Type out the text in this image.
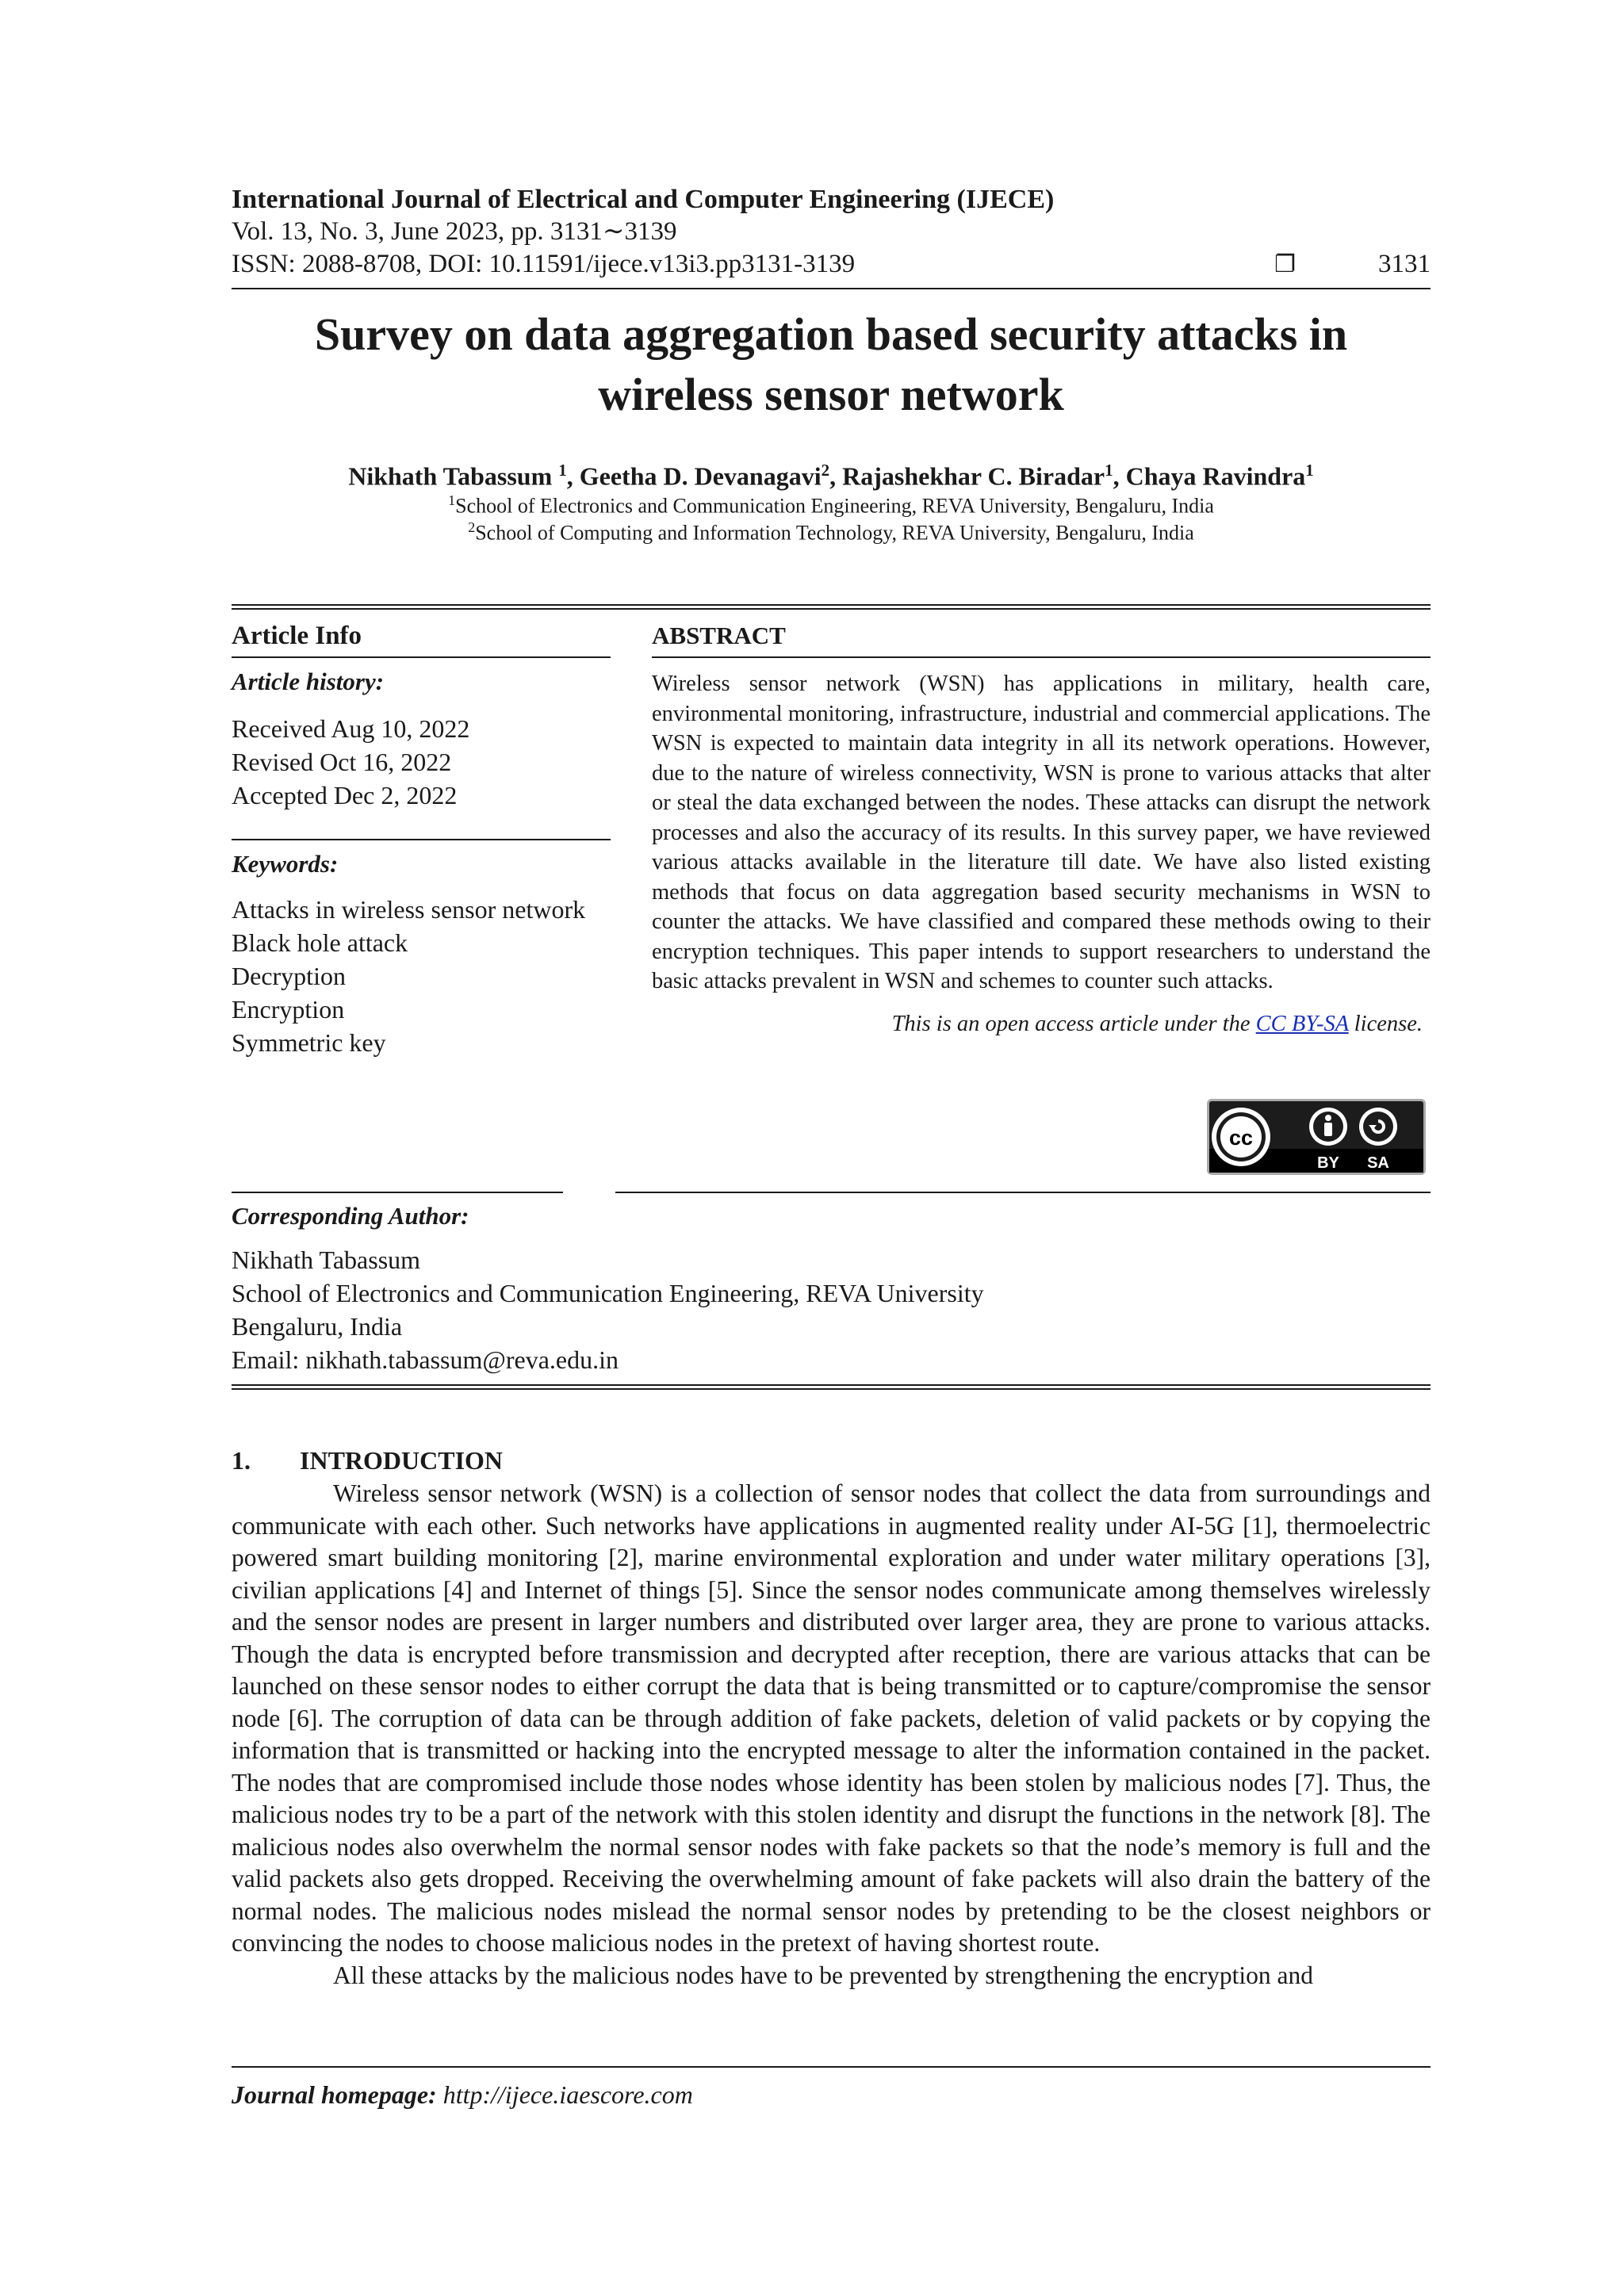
International Journal of Electrical and Computer Engineering (IJECE)
Vol. 13, No. 3, June 2023, pp. 3131∼3139
ISSN: 2088-8708, DOI: 10.11591/ijece.v13i3.pp3131-3139	❐	3131
Survey on data aggregation based security attacks in
wireless sensor network
Nikhath Tabassum $^1$, Geetha D. Devanagavi$^2$, Rajashekhar C. Biradar$^1$, Chaya Ravindra$^1$
$^1$School of Electronics and Communication Engineering, REVA University, Bengaluru, India
$^2$School of Computing and Information Technology, REVA University, Bengaluru, India
Article Info
Article history:
Received Aug 10, 2022
Revised Oct 16, 2022
Accepted Dec 2, 2022
Keywords:
Attacks in wireless sensor network
Black hole attack
Decryption
Encryption
Symmetric key
ABSTRACT
Wireless sensor network (WSN) has applications in military, health care, environmental monitoring, infrastructure, industrial and commercial applications. The WSN is expected to maintain data integrity in all its network operations. However, due to the nature of wireless connectivity, WSN is prone to various attacks that alter or steal the data exchanged between the nodes. These attacks can disrupt the network processes and also the accuracy of its results. In this survey paper, we have reviewed various attacks available in the literature till date. We have also listed existing methods that focus on data aggregation based security mechanisms in WSN to counter the attacks. We have classified and compared these methods owing to their encryption techniques. This paper intends to support researchers to understand the basic attacks prevalent in WSN and schemes to counter such attacks.
This is an open access article under the CC BY-SA license.
cc
BY SA
Corresponding Author:
Nikhath Tabassum
School of Electronics and Communication Engineering, REVA University
Bengaluru, India
Email: nikhath.tabassum@reva.edu.in
1.	INTRODUCTION

Wireless sensor network (WSN) is a collection of sensor nodes that collect the data from surroundings and communicate with each other. Such networks have applications in augmented reality under AI-5G [1], thermoelectric powered smart building monitoring [2], marine environmental exploration and under water military operations [3], civilian applications [4] and Internet of things [5]. Since the sensor nodes communicate among themselves wirelessly and the sensor nodes are present in larger numbers and distributed over larger area, they are prone to various attacks. Though the data is encrypted before transmission and decrypted after reception, there are various attacks that can be launched on these sensor nodes to either corrupt the data that is being transmitted or to capture/compromise the sensor node [6]. The corruption of data can be through addition of fake packets, deletion of valid packets or by copying the information that is transmitted or hacking into the encrypted message to alter the information contained in the packet. The nodes that are compromised include those nodes whose identity has been stolen by malicious nodes [7]. Thus, the malicious nodes try to be a part of the network with this stolen identity and disrupt the functions in the network [8]. The malicious nodes also overwhelm the normal sensor nodes with fake packets so that the node’s memory is full and the valid packets also gets dropped. Receiving the overwhelming amount of fake packets will also drain the battery of the normal nodes. The malicious nodes mislead the normal sensor nodes by pretending to be the closest neighbors or convincing the nodes to choose malicious nodes in the pretext of having shortest route.

All these attacks by the malicious nodes have to be prevented by strengthening the encryption and

Journal homepage: http://ijece.iaescore.com
